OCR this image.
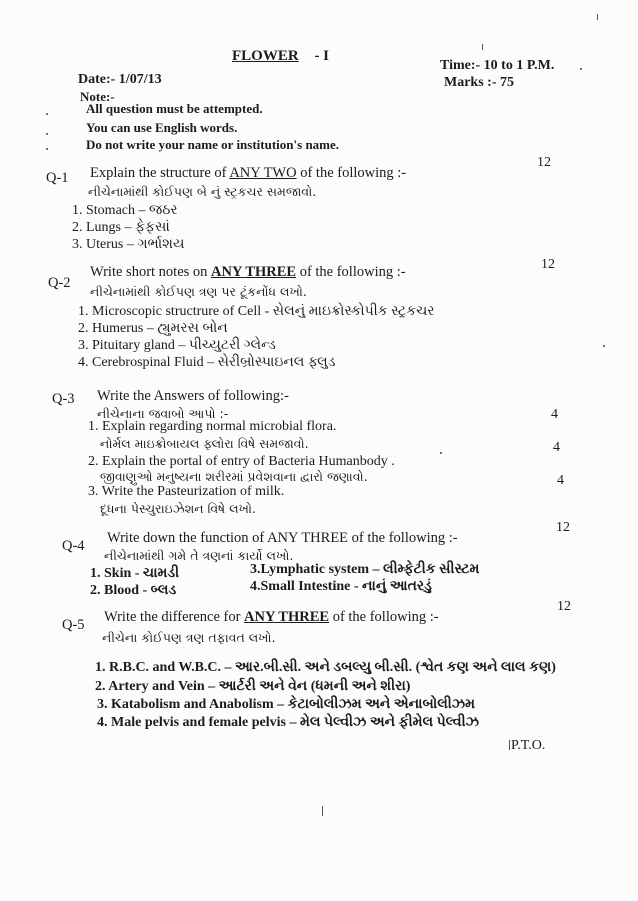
FLOWER - I
Date:- 1/07/13
Time:- 10 to 1 P.M.
Marks :- 75
Note:-
All question must be attempted.
You can use English words.
Do not write your name or institution's name.
Q-1 Explain the structure of ANY TWO of the following :-
12
નીચેનામાંથી કોઈપણ બે નું સ્ટ્રકચર સમજાવો.
1. Stomach – જઠર
2. Lungs – ફેફસાં
3. Uterus – ગર્ભાશય
Q-2
Write short notes on ANY THREE of the following :-	12
નીચેનામાંથી કોઈપણ ત્રણ પર ટૂંકનોંધ લખો.
1. Microscopic structrure of Cell - સેલનું માઇક્રોસ્કોપીક સ્ટ્રકચર
2. Humerus – હ્યુમરસ બોન
3. Pituitary gland – પીચ્યુટરી ગ્લેન્ડ
4. Cerebrospinal Fluid – સેરીબ્રોસ્પાઇનલ ફ્લુડ
Q-3 Write the Answers of following:-
નીચેનાના જવાબો આપો :-
1. Explain regarding normal microbial flora.
નોર્મલ માઇક્રોબાયલ ફ્લોરા વિષે સમજાવો.
4
2. Explain the portal of entry of Bacteria Humanbody .
જીવાણુઓ મનુષ્યના શરીરમાં પ્રવેશવાના દ્વારો જણાવો.
4
3. Write the Pasteurization of milk.
દૂધના પેસ્ચુરાઇઝેશન વિષે લખો.
4
Q-4 Write down the function of ANY THREE of the following :-
12
નીચેનામાંથી ગમે તે ત્રણનાં કાર્યો લખો.
1. Skin - ચામડી	3.Lymphatic system – લીમ્ફેટીક સીસ્ટમ
2. Blood - બ્લડ	4.Small Intestine - નાનું આતરડું
Q-5 Write the difference for ANY THREE of the following :-
12
નીચેના કોઈપણ ત્રણ તફાવત લખો.
1. R.B.C. and W.B.C. – આર.બી.સી. અને ડબલ્યુ બી.સી. (શ્વેત કણ અને લાલ કણ)
2. Artery and Vein – આર્ટરી અને વેન (ધમની અને શીરા)
3. Katabolism and Anabolism – કેટાબોલીઝમ અને એનાબોલીઝમ
4. Male pelvis and female pelvis – મેલ પેલ્વીઝ અને ફીમેલ પેલ્વીઝ
P.T.O.
